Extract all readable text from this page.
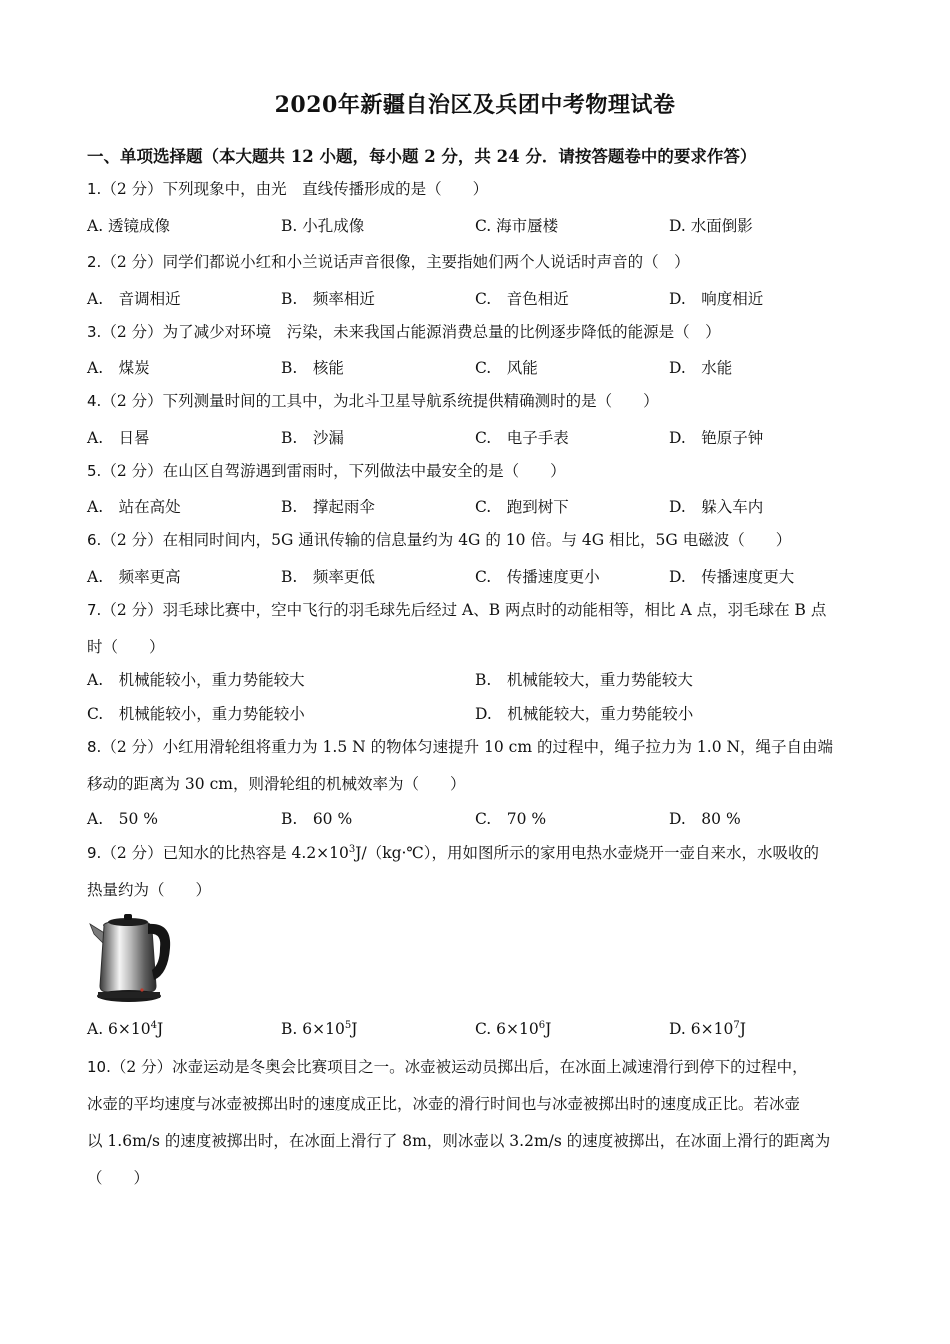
2020年新疆自治区及兵团中考物理试卷
一、单项选择题（本大题共 12 小题，每小题 2 分，共 24 分．请按答题卷中的要求作答）
1.（2 分）下列现象中，由光　直线传播形成的是（　　）
A. 透镜成像	B. 小孔成像	C. 海市蜃楼	D. 水面倒影
2.（2 分）同学们都说小红和小兰说话声音很像，主要指她们两个人说话时声音的（　）
A.　音调相近	B.　频率相近	C.　音色相近	D.　响度相近
3.（2 分）为了减少对环境　污染，未来我国占能源消费总量的比例逐步降低的能源是（　）
A.　煤炭	B.　核能	C.　风能	D.　水能
4.（2 分）下列测量时间的工具中，为北斗卫星导航系统提供精确测时的是（　　）
A.　日晷	B.　沙漏	C.　电子手表	D.　铯原子钟
5.（2 分）在山区自驾游遇到雷雨时，下列做法中最安全的是（　　）
A.　站在高处	B.　撑起雨伞	C.　跑到树下	D.　躲入车内
6.（2 分）在相同时间内，5G 通讯传输的信息量约为 4G 的 10 倍。与 4G 相比，5G 电磁波（　　）
A.　频率更高	B.　频率更低	C.　传播速度更小	D.　传播速度更大
7.（2 分）羽毛球比赛中，空中飞行的羽毛球先后经过 A、B 两点时的动能相等，相比 A 点，羽毛球在 B 点
时（　　）
A.　机械能较小，重力势能较大	B.　机械能较大，重力势能较大
C.　机械能较小，重力势能较小	D.　机械能较大，重力势能较小
8.（2 分）小红用滑轮组将重力为 1.5 N 的物体匀速提升 10 cm 的过程中，绳子拉力为 1.0 N，绳子自由端
移动的距离为 30 cm，则滑轮组的机械效率为（　　）
A.　50 %	B.　60 %	C.　70 %	D.　80 %
9.（2 分）已知水的比热容是 $4.2\times 10^3J/(kg\cdot℃)$，用如图所示的家用电热水壶烧开一壶自来水，水吸收的
热量约为（　　）
A. $6\times 10^4J$	B. $6\times 10^5J$	C. $6\times 10^6J$	D. $6\times 10^7J$
10.（2 分）冰壶运动是冬奥会比赛项目之一。冰壶被运动员掷出后，在冰面上减速滑行到停下的过程中，
冰壶的平均速度与冰壶被掷出时的速度成正比，冰壶的滑行时间也与冰壶被掷出时的速度成正比。若冰壶
以 1.6m/s 的速度被掷出时，在冰面上滑行了 8m，则冰壶以 3.2m/s 的速度被掷出，在冰面上滑行的距离为
（　　）
